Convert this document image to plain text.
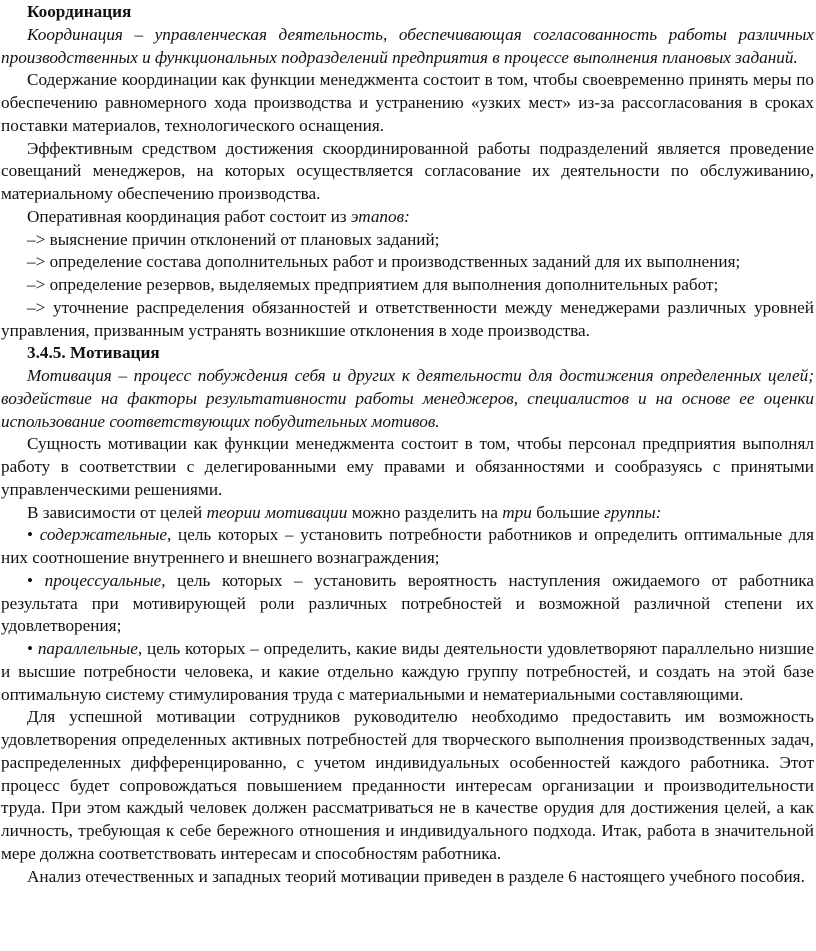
Координация

Координация – управленческая деятельность, обеспечивающая согласованность работы различных производственных и функциональных подразделений предприятия в процессе выполнения плановых заданий.

Содержание координации как функции менеджмента состоит в том, чтобы своевременно принять меры по обеспечению равномерного хода производства и устранению «узких мест» из-за рассогласования в сроках поставки материалов, технологического оснащения.

Эффективным средством достижения скоординированной работы подразделений является проведение совещаний менеджеров, на которых осуществляется согласование их деятельности по обслуживанию, материальному обеспечению производства.

Оперативная координация работ состоит из этапов:

–> выяснение причин отклонений от плановых заданий;

–> определение состава дополнительных работ и производственных заданий для их выполнения;

–> определение резервов, выделяемых предприятием для выполнения дополнительных работ;

–> уточнение распределения обязанностей и ответственности между менеджерами различных уровней управления, призванным устранять возникшие отклонения в ходе производства.

3.4.5. Мотивация

Мотивация – процесс побуждения себя и других к деятельности для достижения определенных целей; воздействие на факторы результативности работы менеджеров, специалистов и на основе ее оценки использование соответствующих побудительных мотивов.

Сущность мотивации как функции менеджмента состоит в том, чтобы персонал предприятия выполнял работу в соответствии с делегированными ему правами и обязанностями и сообразуясь с принятыми управленческими решениями.

В зависимости от целей теории мотивации можно разделить на три большие группы:

• содержательные, цель которых – установить потребности работников и определить оптимальные для них соотношение внутреннего и внешнего вознаграждения;

• процессуальные, цель которых – установить вероятность наступления ожидаемого от работника результата при мотивирующей роли различных потребностей и возможной различной степени их удовлетворения;

• параллельные, цель которых – определить, какие виды деятельности удовлетворяют параллельно низшие и высшие потребности человека, и какие отдельно каждую группу потребностей, и создать на этой базе оптимальную систему стимулирования труда с материальными и нематериальными составляющими.

Для успешной мотивации сотрудников руководителю необходимо предоставить им возможность удовлетворения определенных активных потребностей для творческого выполнения производственных задач, распределенных дифференцированно, с учетом индивидуальных особенностей каждого работника. Этот процесс будет сопровождаться повышением преданности интересам организации и производительности труда. При этом каждый человек должен рассматриваться не в качестве орудия для достижения целей, а как личность, требующая к себе бережного отношения и индивидуального подхода. Итак, работа в значительной мере должна соответствовать интересам и способностям работника.

Анализ отечественных и западных теорий мотивации приведен в разделе 6 настоящего учебного пособия.
